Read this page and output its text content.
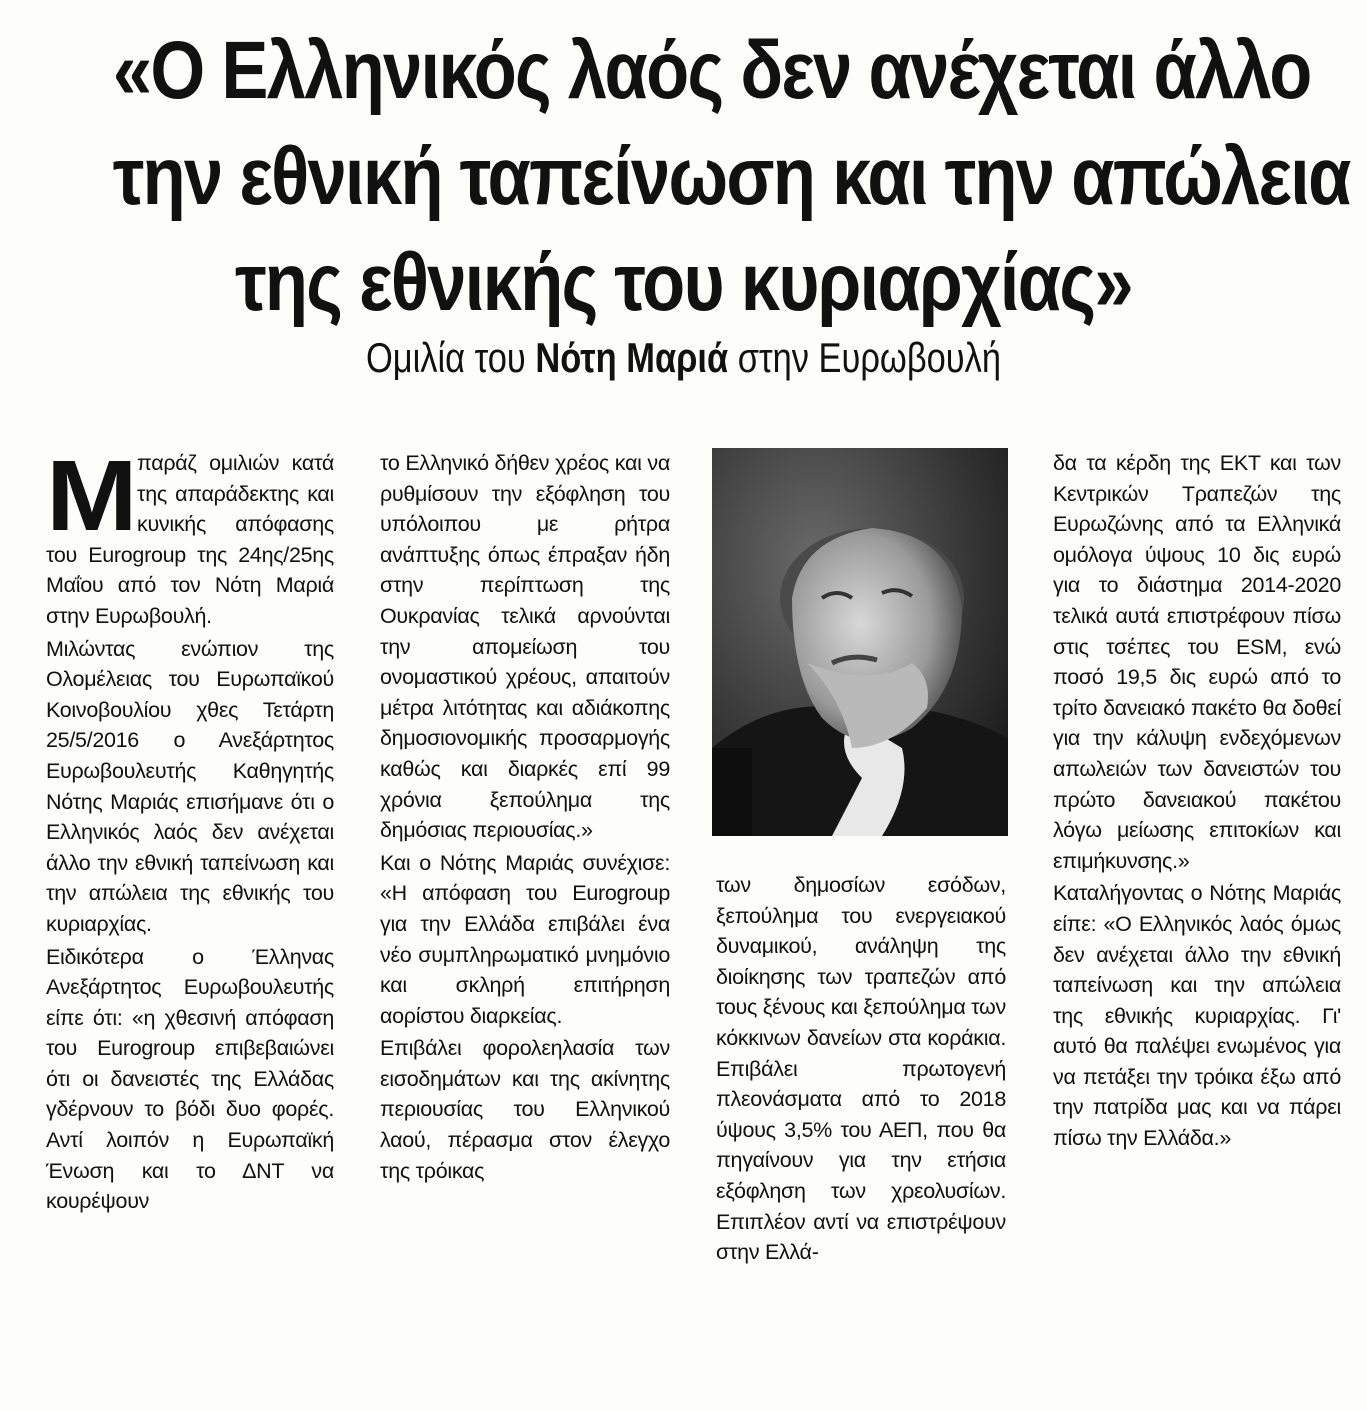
«Ο Ελληνικός λαός δεν ανέχεται άλλο
την εθνική ταπείνωση και την απώλεια
της εθνικής του κυριαρχίας»
Ομιλία του Νότη Μαριά στην Ευρωβουλή

Μπαράζ ομιλιών κατά της απαράδεκτης και κυνικής απόφασης του Eurogroup της 24ης/25ης Μαΐου από τον Νότη Μαριά στην Ευρωβουλή.

Μιλώντας ενώπιον της Ολομέλειας του Ευρωπαϊκού Κοινοβουλίου χθες Τετάρτη 25/5/2016 ο Ανεξάρτητος Ευρωβουλευτής Καθηγητής Νότης Μαριάς επισήμανε ότι ο Ελληνικός λαός δεν ανέχεται άλλο την εθνική ταπείνωση και την απώλεια της εθνικής του κυριαρχίας.

Ειδικότερα ο Έλληνας Ανεξάρτητος Ευρωβουλευτής είπε ότι: «η χθεσινή απόφαση του Eurogroup επιβεβαιώνει ότι οι δανειστές της Ελλάδας γδέρνουν το βόδι δυο φορές. Αντί λοιπόν η Ευρωπαϊκή Ένωση και το ΔΝΤ να κουρέψουν

το Ελληνικό δήθεν χρέος και να ρυθμίσουν την εξόφληση του υπόλοιπου με ρήτρα ανάπτυξης όπως έπραξαν ήδη στην περίπτωση της Ουκρανίας τελικά αρνούνται την απομείωση του ονομαστικού χρέους, απαιτούν μέτρα λιτότητας και αδιάκοπης δημοσιονομικής προσαρμογής καθώς και διαρκές επί 99 χρόνια ξεπούλημα της δημόσιας περιουσίας.»

Και ο Νότης Μαριάς συνέχισε: «Η απόφαση του Eurogroup για την Ελλάδα επιβάλει ένα νέο συμπληρωματικό μνημόνιο και σκληρή επιτήρηση αορίστου διαρκείας.

Επιβάλει φορολεηλασία των εισοδημάτων και της ακίνητης περιουσίας του Ελληνικού λαού, πέρασμα στον έλεγχο της τρόικας

των δημοσίων εσόδων, ξεπούλημα του ενεργειακού δυναμικού, ανάληψη της διοίκησης των τραπεζών από τους ξένους και ξεπούλημα των κόκκινων δανείων στα κοράκια. Επιβάλει πρωτογενή πλεονάσματα από το 2018 ύψους 3,5% του ΑΕΠ, που θα πηγαίνουν για την ετήσια εξόφληση των χρεολυσίων. Επιπλέον αντί να επιστρέψουν στην Ελλά-

δα τα κέρδη της ΕΚΤ και των Κεντρικών Τραπεζών της Ευρωζώνης από τα Ελληνικά ομόλογα ύψους 10 δις ευρώ για το διάστημα 2014-2020 τελικά αυτά επιστρέφουν πίσω στις τσέπες του ESM, ενώ ποσό 19,5 δις ευρώ από το τρίτο δανειακό πακέτο θα δοθεί για την κάλυψη ενδεχόμενων απωλειών των δανειστών του πρώτο δανειακού πακέτου λόγω μείωσης επιτοκίων και επιμήκυνσης.»

Καταλήγοντας ο Νότης Μαριάς είπε: «Ο Ελληνικός λαός όμως δεν ανέχεται άλλο την εθνική ταπείνωση και την απώλεια της εθνικής κυριαρχίας. Γι' αυτό θα παλέψει ενωμένος για να πετάξει την τρόικα έξω από την πατρίδα μας και να πάρει πίσω την Ελλάδα.»
